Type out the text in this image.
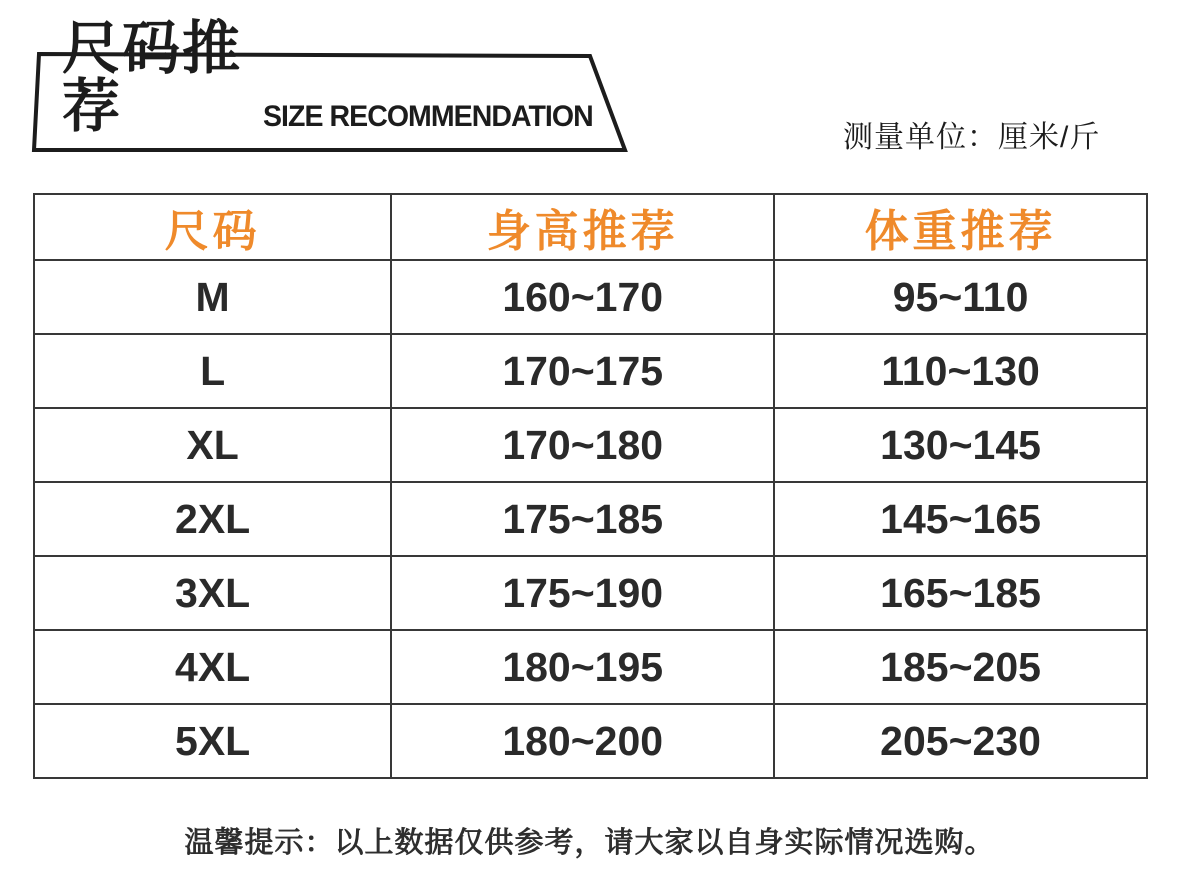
尺码推荐	SIZE RECOMMENDATION
测量单位：厘米/斤
尺码	身高推荐	体重推荐
M	160~170	95~110
L	170~175	110~130
XL	170~180	130~145
2XL	175~185	145~165
3XL	175~190	165~185
4XL	180~195	185~205
5XL	180~200	205~230
温馨提示：以上数据仅供参考，请大家以自身实际情况选购。
